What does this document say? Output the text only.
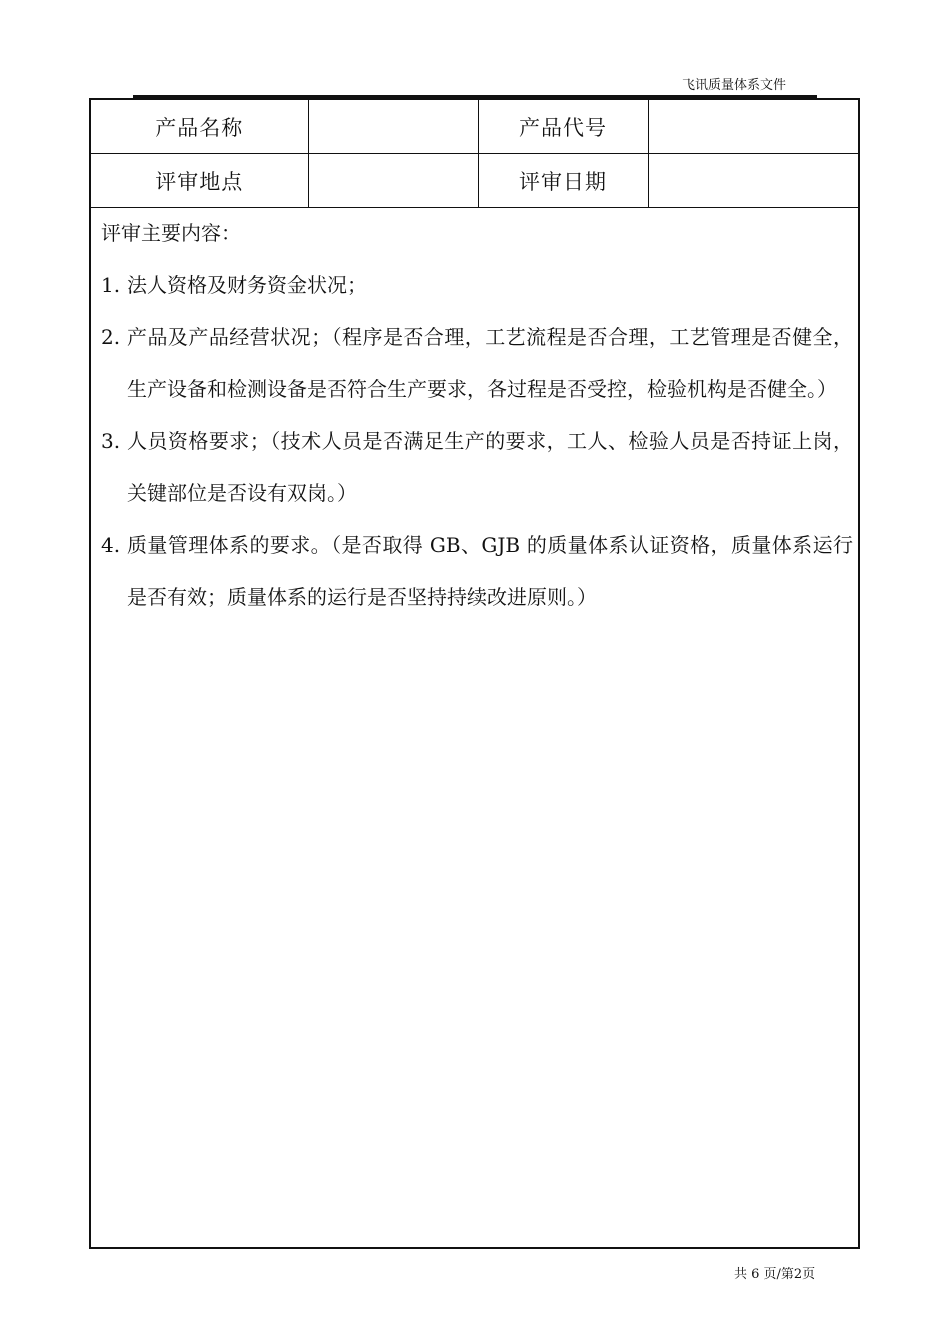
飞讯质量体系文件
产品名称		产品代号	
评审地点		评审日期	
评审主要内容：
1. 法人资格及财务资金状况；
2. 产品及产品经营状况；（程序是否合理，工艺流程是否合理，工艺管理是否健全，生产设备和检测设备是否符合生产要求，各过程是否受控，检验机构是否健全。）
3. 人员资格要求；（技术人员是否满足生产的要求，工人、检验人员是否持证上岗，关键部位是否设有双岗。）
4. 质量管理体系的要求。（是否取得 GB、GJB 的质量体系认证资格，质量体系运行是否有效；质量体系的运行是否坚持持续改进原则。）
共 6 页/第2页
